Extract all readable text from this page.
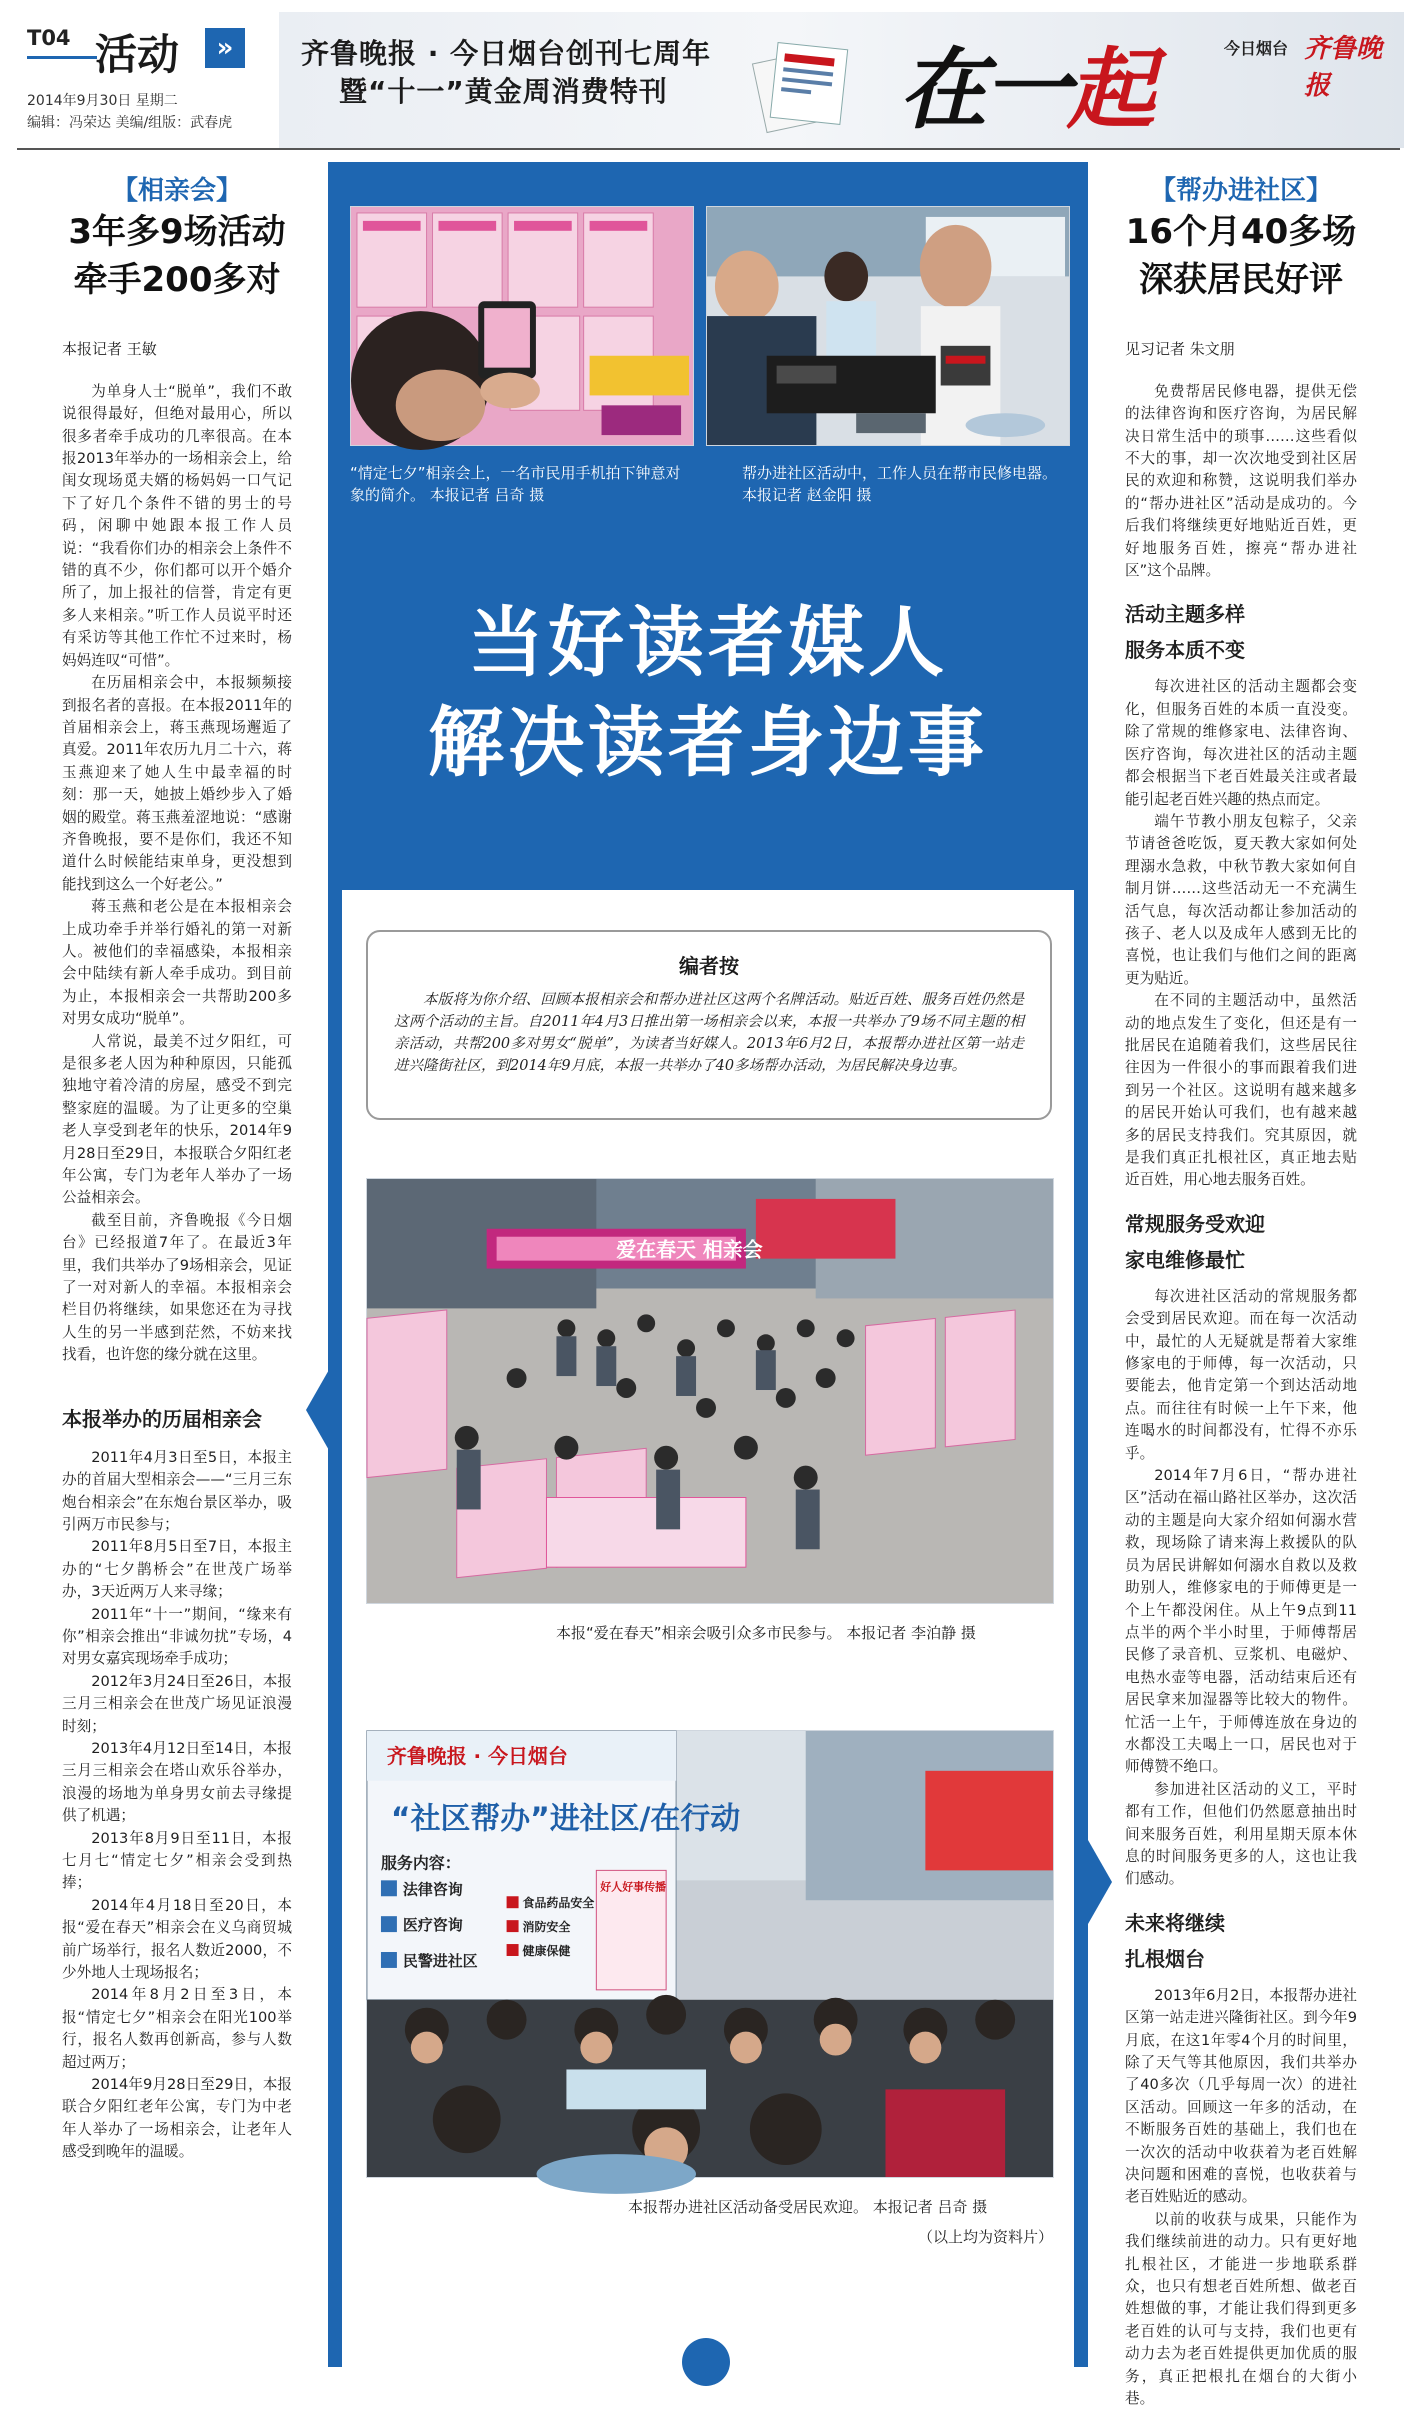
T04 活动	»
2014年9月30日 星期二
编辑：冯荣达 美编/组版：武春虎
齐鲁晚报 · 今日烟台创刊七周年
暨“十一”黄金周消费特刊	在一起	今日烟台 齐鲁晚报
【相亲会】
3年多9场活动
牵手200多对
本报记者 王敏

为单身人士“脱单”，我们不敢说很得最好，但绝对最用心，所以很多者牵手成功的几率很高。在本报2013年举办的一场相亲会上，给闺女现场觅夫婿的杨妈妈一口气记下了好几个条件不错的男士的号码，闲聊中她跟本报工作人员说：“我看你们办的相亲会上条件不错的真不少，你们都可以开个婚介所了，加上报社的信誉，肯定有更多人来相亲。”听工作人员说平时还有采访等其他工作忙不过来时，杨妈妈连叹“可惜”。

在历届相亲会中，本报频频接到报名者的喜报。在本报2011年的首届相亲会上，蒋玉燕现场邂逅了真爱。2011年农历九月二十六，蒋玉燕迎来了她人生中最幸福的时刻：那一天，她披上婚纱步入了婚姻的殿堂。蒋玉燕羞涩地说：“感谢齐鲁晚报，要不是你们，我还不知道什么时候能结束单身，更没想到能找到这么一个好老公。”

蒋玉燕和老公是在本报相亲会上成功牵手并举行婚礼的第一对新人。被他们的幸福感染，本报相亲会中陆续有新人牵手成功。到目前为止，本报相亲会一共帮助200多对男女成功“脱单”。

人常说，最美不过夕阳红，可是很多老人因为种种原因，只能孤独地守着冷清的房屋，感受不到完整家庭的温暖。为了让更多的空巢老人享受到老年的快乐，2014年9月28日至29日，本报联合夕阳红老年公寓，专门为老年人举办了一场公益相亲会。

截至目前，齐鲁晚报《今日烟台》已经报道7年了。在最近3年里，我们共举办了9场相亲会，见证了一对对新人的幸福。本报相亲会栏目仍将继续，如果您还在为寻找人生的另一半感到茫然，不妨来找找看，也许您的缘分就在这里。

本报举办的历届相亲会

2011年4月3日至5日，本报主办的首届大型相亲会——“三月三东炮台相亲会”在东炮台景区举办，吸引两万市民参与；

2011年8月5日至7日，本报主办的“七夕鹊桥会”在世茂广场举办，3天近两万人来寻缘；

2011年“十一”期间，“缘来有你”相亲会推出“非诚勿扰”专场，4对男女嘉宾现场牵手成功；

2012年3月24日至26日，本报三月三相亲会在世茂广场见证浪漫时刻；

2013年4月12日至14日，本报三月三相亲会在塔山欢乐谷举办，浪漫的场地为单身男女前去寻缘提供了机遇；

2013年8月9日至11日，本报七月七“情定七夕”相亲会受到热捧；

2014年4月18日至20日，本报“爱在春天”相亲会在义乌商贸城前广场举行，报名人数近2000，不少外地人士现场报名；

2014年8月2日至3日，本报“情定七夕”相亲会在阳光100举行，报名人数再创新高，参与人数超过两万；

2014年9月28日至29日，本报联合夕阳红老年公寓，专门为中老年人举办了一场相亲会，让老年人感受到晚年的温暖。

【帮办进社区】
16个月40多场
深获居民好评
见习记者 朱文朋

免费帮居民修电器，提供无偿的法律咨询和医疗咨询，为居民解决日常生活中的琐事……这些看似不大的事，却一次次地受到社区居民的欢迎和称赞，这说明我们举办的“帮办进社区”活动是成功的。今后我们将继续更好地贴近百姓，更好地服务百姓，擦亮“帮办进社区”这个品牌。

活动主题多样
服务本质不变

每次进社区的活动主题都会变化，但服务百姓的本质一直没变。除了常规的维修家电、法律咨询、医疗咨询，每次进社区的活动主题都会根据当下老百姓最关注或者最能引起老百姓兴趣的热点而定。

端午节教小朋友包粽子，父亲节请爸爸吃饭，夏天教大家如何处理溺水急救，中秋节教大家如何自制月饼……这些活动无一不充满生活气息，每次活动都让参加活动的孩子、老人以及成年人感到无比的喜悦，也让我们与他们之间的距离更为贴近。

在不同的主题活动中，虽然活动的地点发生了变化，但还是有一批居民在追随着我们，这些居民往往因为一件很小的事而跟着我们进到另一个社区。这说明有越来越多的居民开始认可我们，也有越来越多的居民支持我们。究其原因，就是我们真正扎根社区，真正地去贴近百姓，用心地去服务百姓。

常规服务受欢迎
家电维修最忙

每次进社区活动的常规服务都会受到居民欢迎。而在每一次活动中，最忙的人无疑就是帮着大家维修家电的于师傅，每一次活动，只要能去，他肯定第一个到达活动地点。而往往有时候一上午下来，他连喝水的时间都没有，忙得不亦乐乎。

2014年7月6日，“帮办进社区”活动在福山路社区举办，这次活动的主题是向大家介绍如何溺水营救，现场除了请来海上救援队的队员为居民讲解如何溺水自救以及救助别人，维修家电的于师傅更是一个上午都没闲住。从上午9点到11点半的两个半小时里，于师傅帮居民修了录音机、豆浆机、电磁炉、电热水壶等电器，活动结束后还有居民拿来加湿器等比较大的物件。忙活一上午，于师傅连放在身边的水都没工夫喝上一口，居民也对于师傅赞不绝口。

参加进社区活动的义工，平时都有工作，但他们仍然愿意抽出时间来服务百姓，利用星期天原本休息的时间服务更多的人，这也让我们感动。

未来将继续
扎根烟台

2013年6月2日，本报帮办进社区第一站走进兴隆街社区。到今年9月底，在这1年零4个月的时间里，除了天气等其他原因，我们共举办了40多次（几乎每周一次）的进社区活动。回顾这一年多的活动，在不断服务百姓的基础上，我们也在一次次的活动中收获着为老百姓解决问题和困难的喜悦，也收获着与老百姓贴近的感动。

以前的收获与成果，只能作为我们继续前进的动力。只有更好地扎根社区，才能进一步地联系群众，也只有想老百姓所想、做老百姓想做的事，才能让我们得到更多老百姓的认可与支持，我们也更有动力去为老百姓提供更加优质的服务，真正把根扎在烟台的大街小巷。

“情定七夕”相亲会上，一名市民用手机拍下钟意对象的简介。 本报记者 吕奇 摄
帮办进社区活动中，工作人员在帮市民修电器。 本报记者 赵金阳 摄
当好读者媒人
解决读者身边事
编者按

本版将为你介绍、回顾本报相亲会和帮办进社区这两个名牌活动。贴近百姓、服务百姓仍然是这两个活动的主旨。自2011年4月3日推出第一场相亲会以来，本报一共举办了9场不同主题的相亲活动，共帮200多对男女“脱单”，为读者当好媒人。2013年6月2日，本报帮办进社区第一站走进兴隆街社区，到2014年9月底，本报一共举办了40多场帮办活动，为居民解决身边事。

爱在春天 相亲会
本报“爱在春天”相亲会吸引众多市民参与。 本报记者 李泊静 摄
齐鲁晚报 · 今日烟台
“社区帮办”进社区/在行动
服务内容：
法律咨询
医疗咨询
民警进社区
食品药品安全
消防安全
健康保健
好人好事传播
本报帮办进社区活动备受居民欢迎。 本报记者 吕奇 摄
（以上均为资料片）
